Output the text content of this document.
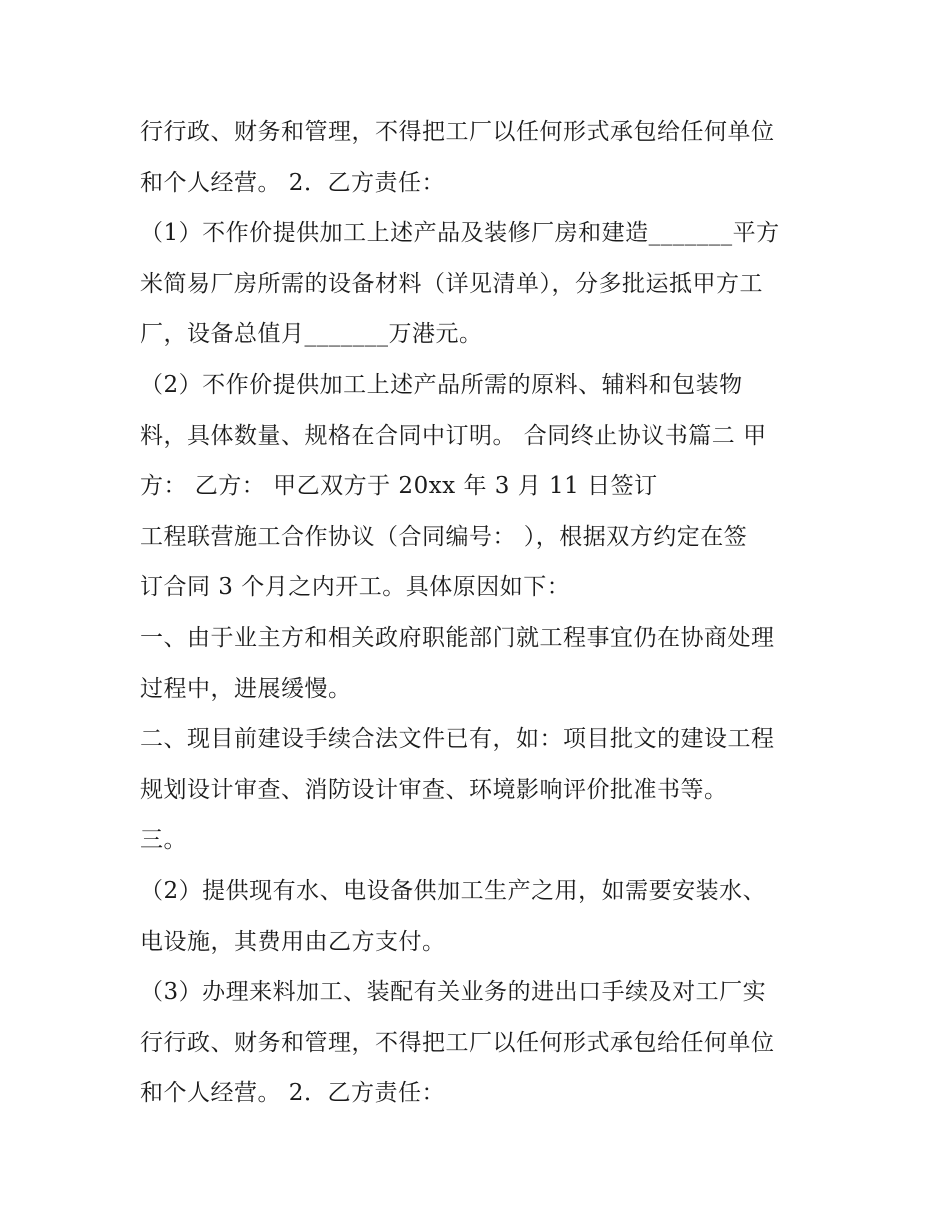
行行政、财务和管理，不得把工厂以任何形式承包给任何单位
和个人经营。 2．乙方责任：
（1）不作价提供加工上述产品及装修厂房和建造_______平方
米简易厂房所需的设备材料（详见清单），分多批运抵甲方工
厂，设备总值月_______万港元。
（2）不作价提供加工上述产品所需的原料、辅料和包装物
料，具体数量、规格在合同中订明。 合同终止协议书篇二 甲
方： 乙方： 甲乙双方于 20xx 年 3 月 11 日签订
工程联营施工合作协议（合同编号： ），根据双方约定在签
订合同 3 个月之内开工。具体原因如下：
一、由于业主方和相关政府职能部门就工程事宜仍在协商处理
过程中，进展缓慢。
二、现目前建设手续合法文件已有，如：项目批文的建设工程
规划设计审查、消防设计审查、环境影响评价批准书等。
三。
（2）提供现有水、电设备供加工生产之用，如需要安装水、
电设施，其费用由乙方支付。
（3）办理来料加工、装配有关业务的进出口手续及对工厂实
行行政、财务和管理，不得把工厂以任何形式承包给任何单位
和个人经营。 2．乙方责任：
